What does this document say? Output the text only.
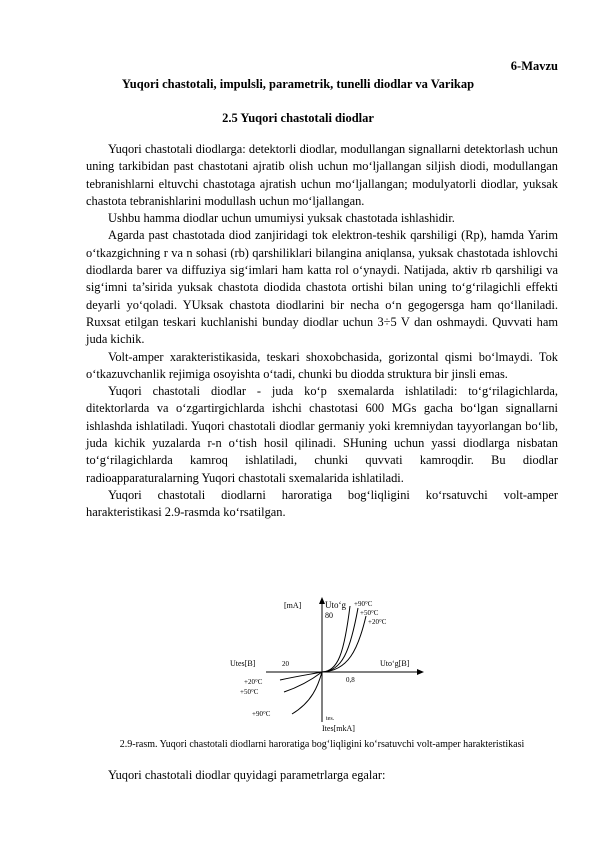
6-Mavzu
Yuqori chastotali, impulsli, parametrik, tunelli diodlar va Varikap
2.5 Yuqori chastotali diodlar

Yuqori chastotali diodlarga: detektorli diodlar, modullangan signallarni detektorlash uchun uning tarkibidan past chastotani ajratib olish uchun mo‘ljallangan siljish diodi, modullangan tebranishlarni eltuvchi chastotaga ajratish uchun mo‘ljallangan; modulyatorli diodlar, yuksak chastota tebranishlarini modullash uchun mo‘ljallangan.

Ushbu hamma diodlar uchun umumiysi yuksak chastotada ishlashidir.

Agarda past chastotada diod zanjiridagi tok elektron-teshik qarshiligi (Rp), hamda Yarim o‘tkazgichning r va n sohasi (rb) qarshiliklari bilangina aniqlansa, yuksak chastotada ishlovchi diodlarda barer va diffuziya sig‘imlari ham katta rol o‘ynaydi. Natijada, aktiv rb qarshiligi va sig‘imni ta’sirida yuksak chastota diodida chastota ortishi bilan uning to‘g‘rilagichli effekti deyarli yo‘qoladi. YUksak chastota diodlarini bir necha o‘n gegogersga ham qo‘llaniladi. Ruxsat etilgan teskari kuchlanishi bunday diodlar uchun 3÷5 V dan oshmaydi. Quvvati ham juda kichik.

Volt-amper xarakteristikasida, teskari shoxobchasida, gorizontal qismi bo‘lmaydi. Tok o‘tkazuvchanlik rejimiga osoyishta o‘tadi, chunki bu diodda struktura bir jinsli emas.

Yuqori chastotali diodlar - juda ko‘p sxemalarda ishlatiladi: to‘g‘rilagichlarda, ditektorlarda va o‘zgartirgichlarda ishchi chastotasi 600 MGs gacha bo‘lgan signallarni ishlashda ishlatiladi. Yuqori chastotali diodlar germaniy yoki kremniydan tayyorlangan bo‘lib, juda kichik yuzalarda r-n o‘tish hosil qilinadi. SHuning uchun yassi diodlarga nisbatan to‘g‘rilagichlarda kamroq ishlatiladi, chunki quvvati kamroqdir. Bu diodlar radioapparaturalarning Yuqori chastotali sxemalarida ishlatiladi.

Yuqori chastotali diodlarni haroratiga bog‘liqligini ko‘rsatuvchi volt-amper harakteristikasi 2.9-rasmda ko‘rsatilgan.

[mA]	Uto‘g
80
+90°C
+50°C
+20°C
Utes[B]	20	Uto‘g[B]
0,8
+20°C
+50°C
+90°C
tes.
Ites[mkA]
2.9-rasm. Yuqori chastotali diodlarni haroratiga bog‘liqligini ko‘rsatuvchi volt-amper harakteristikasi
Yuqori chastotali diodlar quyidagi parametrlarga egalar:
